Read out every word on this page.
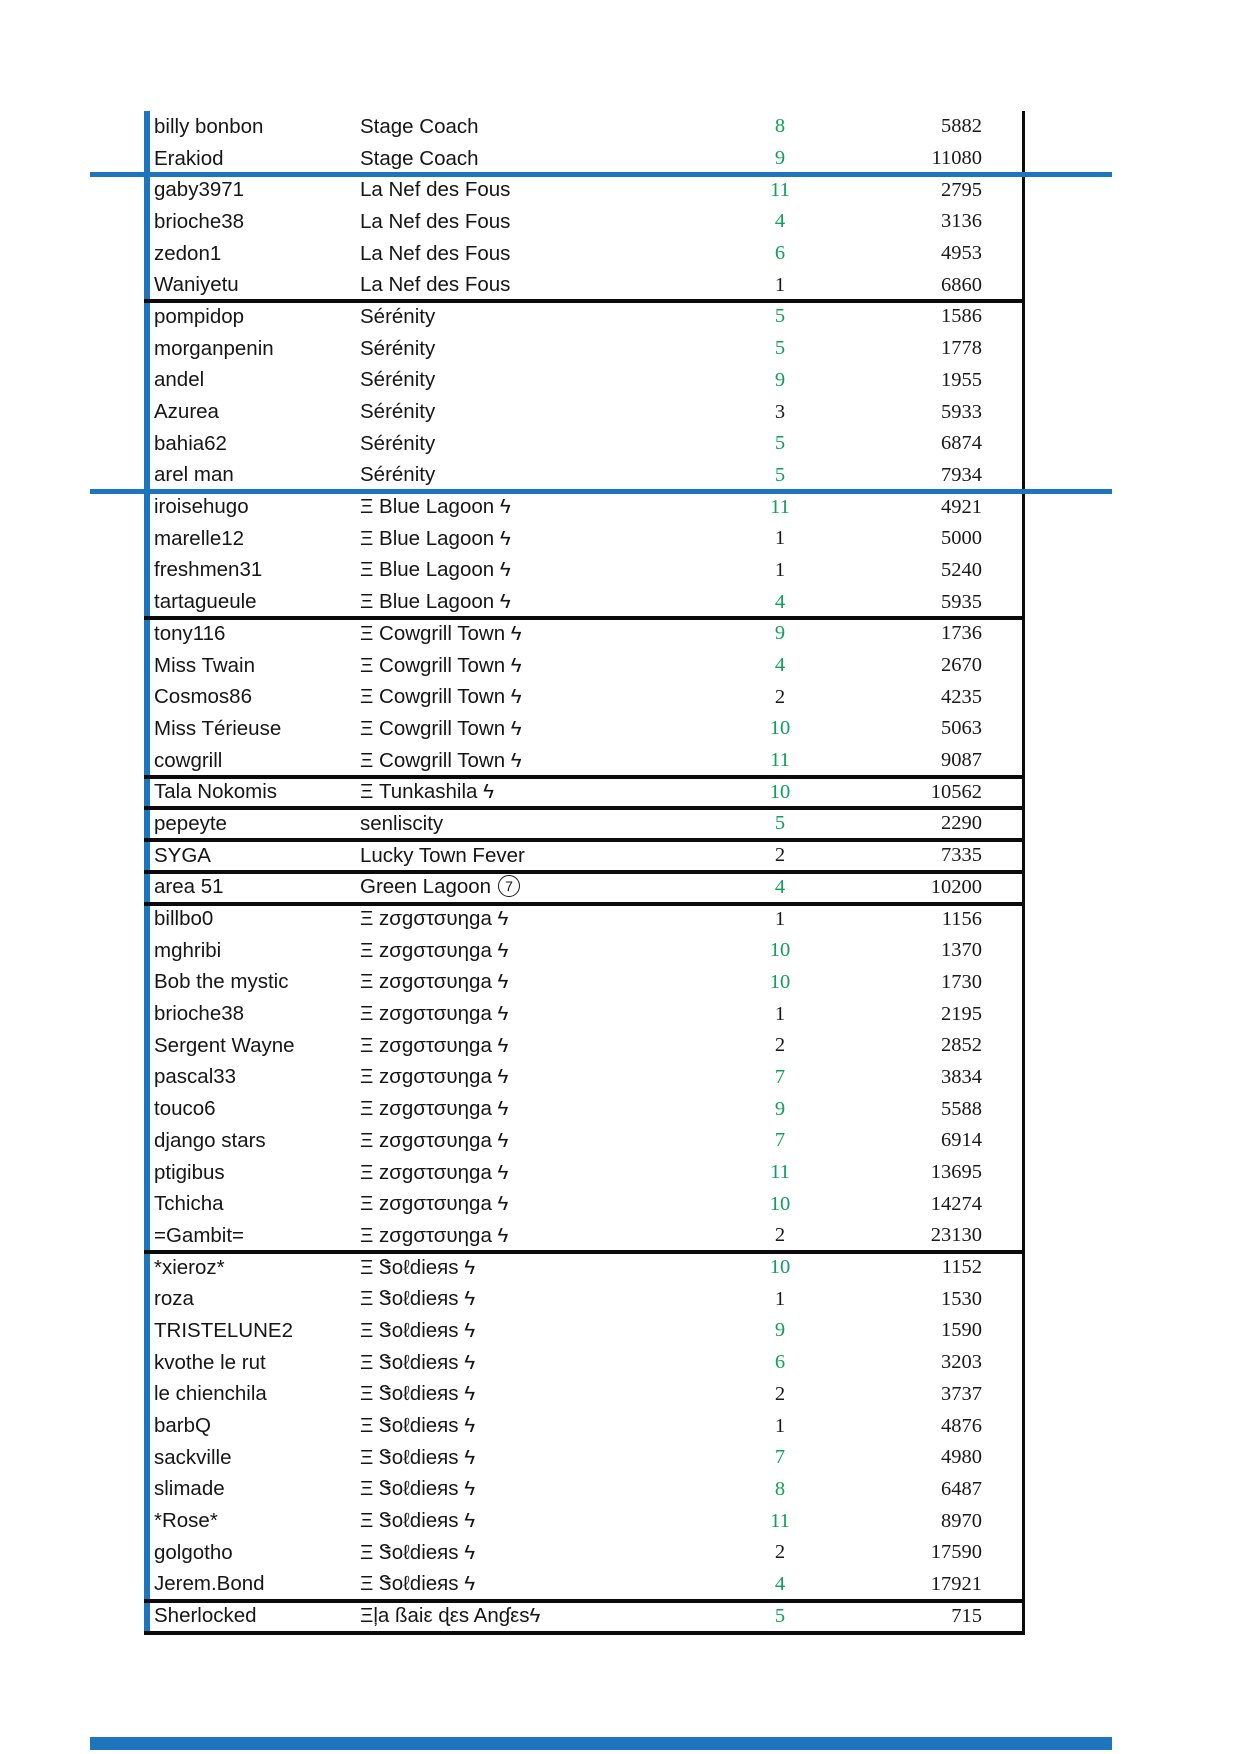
billy bonbon	Stage Coach	8	5882
Erakiod	Stage Coach	9	11080
gaby3971	La Nef des Fous	11	2795
brioche38	La Nef des Fous	4	3136
zedon1	La Nef des Fous	6	4953
Waniyetu	La Nef des Fous	1	6860
pompidop	Sérénity	5	1586
morganpenin	Sérénity	5	1778
andel	Sérénity	9	1955
Azurea	Sérénity	3	5933
bahia62	Sérénity	5	6874
arel man	Sérénity	5	7934
iroisehugo	Ξ Blue Lagoon ϟ	11	4921
marelle12	Ξ Blue Lagoon ϟ	1	5000
freshmen31	Ξ Blue Lagoon ϟ	1	5240
tartagueule	Ξ Blue Lagoon ϟ	4	5935
tony116	Ξ Cowgrill Town ϟ	9	1736
Miss Twain	Ξ Cowgrill Town ϟ	4	2670
Cosmos86	Ξ Cowgrill Town ϟ	2	4235
Miss Térieuse	Ξ Cowgrill Town ϟ	10	5063
cowgrill	Ξ Cowgrill Town ϟ	11	9087
Tala Nokomis	Ξ Tunkashila ϟ	10	10562
pepeyte	senliscity	5	2290
SYGA	Lucky Town Fever	2	7335
area 51	Green Lagoon 7	4	10200
billbo0	Ξ zσɡστσυηga ϟ	1	1156
mghribi	Ξ zσɡστσυηga ϟ	10	1370
Bob the mystic	Ξ zσɡστσυηga ϟ	10	1730
brioche38	Ξ zσɡστσυηga ϟ	1	2195
Sergent Wayne	Ξ zσɡστσυηga ϟ	2	2852
pascal33	Ξ zσɡστσυηga ϟ	7	3834
touco6	Ξ zσɡστσυηga ϟ	9	5588
django stars	Ξ zσɡστσυηga ϟ	7	6914
ptigibus	Ξ zσɡστσυηga ϟ	11	13695
Tchicha	Ξ zσɡστσυηga ϟ	10	14274
=Gambit=	Ξ zσɡστσυηga ϟ	2	23130
*xieroz*	Ξ Ꮥoℓdieяs ϟ	10	1152
roza	Ξ Ꮥoℓdieяs ϟ	1	1530
TRISTELUNE2	Ξ Ꮥoℓdieяs ϟ	9	1590
kvothe le rut	Ξ Ꮥoℓdieяs ϟ	6	3203
le chienchila	Ξ Ꮥoℓdieяs ϟ	2	3737
barbQ	Ξ Ꮥoℓdieяs ϟ	1	4876
sackville	Ξ Ꮥoℓdieяs ϟ	7	4980
slimade	Ξ Ꮥoℓdieяs ϟ	8	6487
*Rose*	Ξ Ꮥoℓdieяs ϟ	11	8970
golgotho	Ξ Ꮥoℓdieяs ϟ	2	17590
Jerem.Bond	Ξ Ꮥoℓdieяs ϟ	4	17921
Sherlocked	Ξļa ßaiε ɖεs Anɠεsϟ	5	715
